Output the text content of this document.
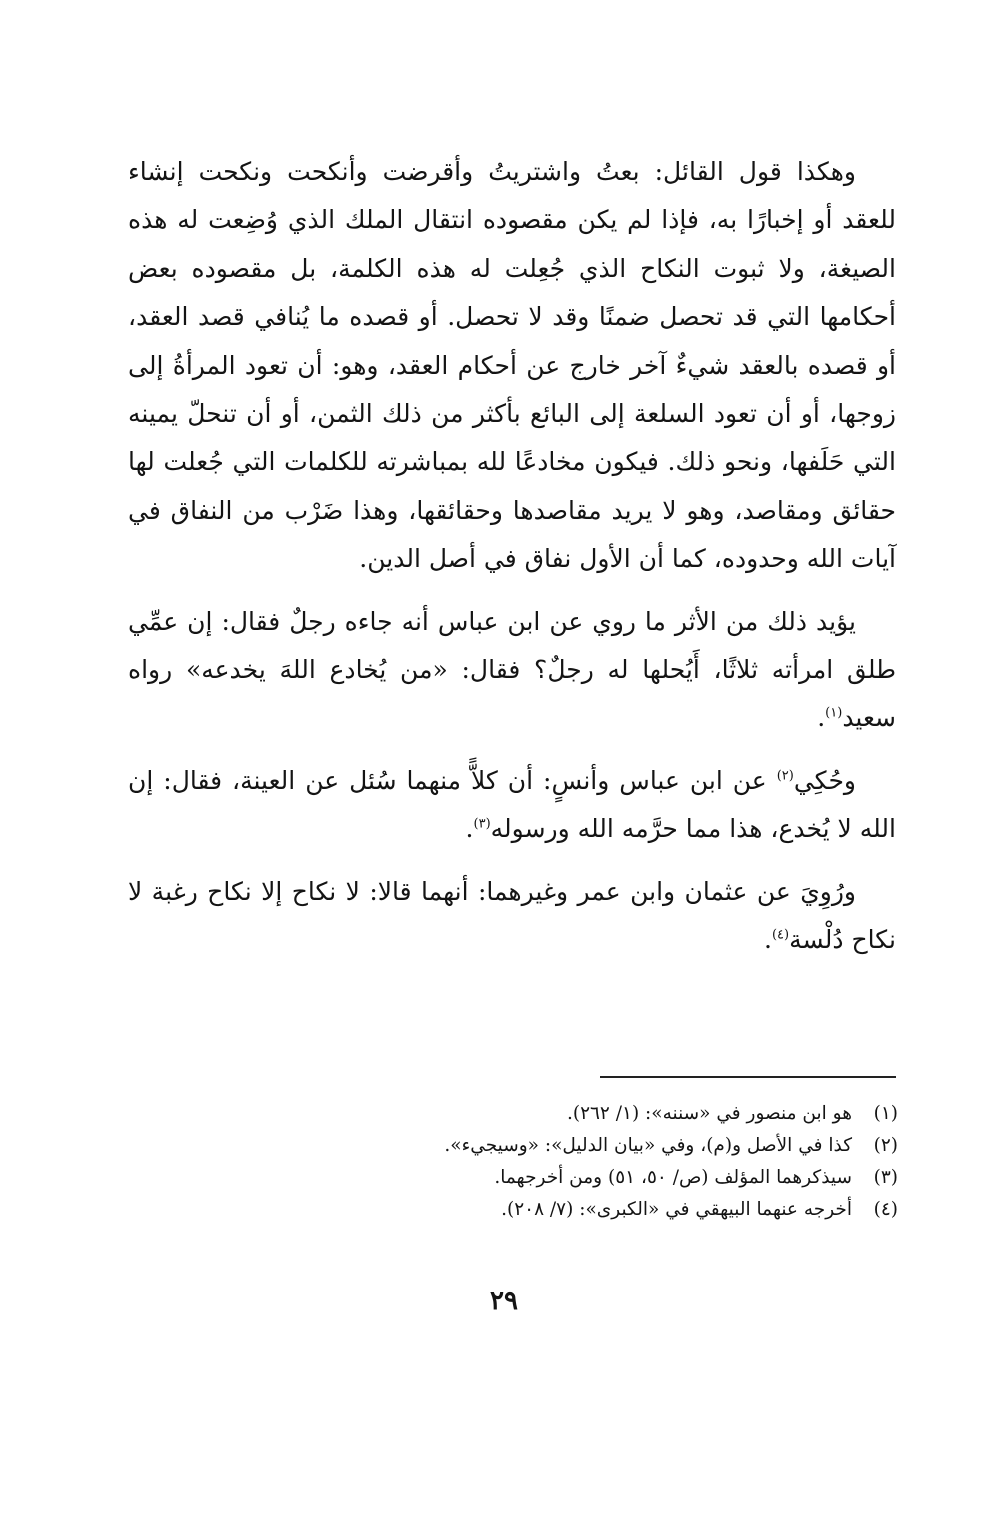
وهكذا قول القائل: بعتُ واشتريتُ وأقرضت وأنكحت ونكحت إنشاء للعقد أو إخبارًا به، فإذا لم يكن مقصوده انتقال الملك الذي وُضِعت له هذه الصيغة، ولا ثبوت النكاح الذي جُعِلت له هذه الكلمة، بل مقصوده بعض أحكامها التي قد تحصل ضمنًا وقد لا تحصل. أو قصده ما يُنافي قصد العقد، أو قصده بالعقد شيءٌ آخر خارج عن أحكام العقد، وهو: أن تعود المرأةُ إلى زوجها، أو أن تعود السلعة إلى البائع بأكثر من ذلك الثمن، أو أن تنحلّ يمينه التي حَلَفها، ونحو ذلك. فيكون مخادعًا لله بمباشرته للكلمات التي جُعلت لها حقائق ومقاصد، وهو لا يريد مقاصدها وحقائقها، وهذا ضَرْب من النفاق في آيات الله وحدوده، كما أن الأول نفاق في أصل الدين.

يؤيد ذلك من الأثر ما روي عن ابن عباس أنه جاءه رجلٌ فقال: إن عمِّي طلق امرأته ثلاثًا، أَيُحلها له رجلٌ؟ فقال: «من يُخادع اللهَ يخدعه» رواه سعيد$^{(١)}$.

وحُكِي$^{(٢)}$ عن ابن عباس وأنسٍ: أن كلاًّ منهما سُئل عن العينة، فقال: إن الله لا يُخدع، هذا مما حرَّمه الله ورسوله$^{(٣)}$.

ورُوِيَ عن عثمان وابن عمر وغيرهما: أنهما قالا: لا نكاح إلا نكاح رغبة لا نكاح دُلْسة$^{(٤)}$.

(١)
هو ابن منصور في «سننه»: (١/ ٢٦٢).
(٢)
كذا في الأصل و(م)، وفي «بيان الدليل»: «وسيجيء».
(٣)
سيذكرهما المؤلف (ص/ ٥٠، ٥١) ومن أخرجهما.
(٤)
أخرجه عنهما البيهقي في «الكبرى»: (٧/ ٢٠٨).
٢٩
